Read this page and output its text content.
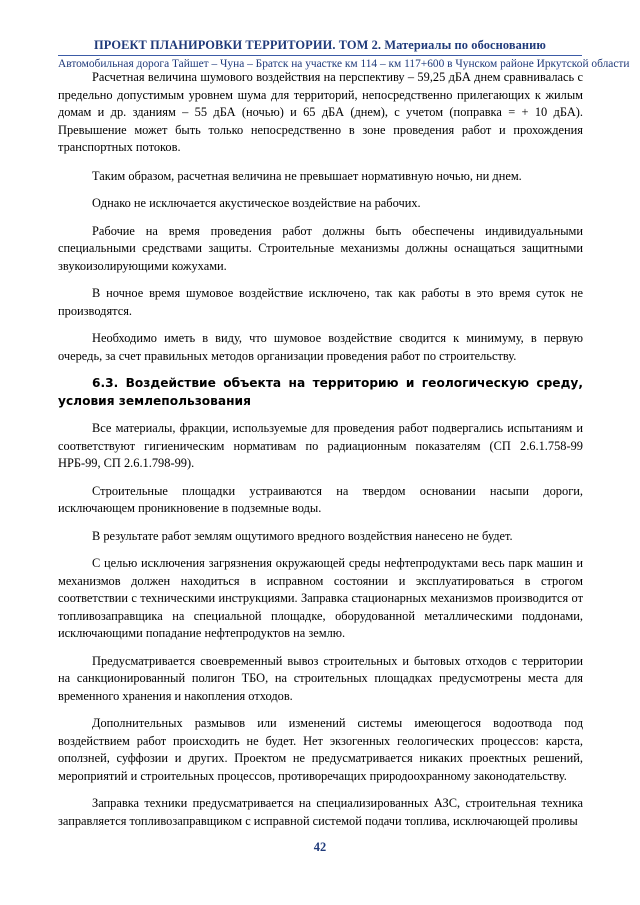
ПРОЕКТ ПЛАНИРОВКИ ТЕРРИТОРИИ. ТОМ 2. Материалы по обоснованию
Автомобильная дорога Тайшет – Чуна – Братск на участке км 114 – км 117+600 в Чунском районе Иркутской области

Расчетная величина шумового воздействия на перспективу – 59,25 дБА днем сравнивалась с предельно допустимым уровнем шума для территорий, непосредственно прилегающих к жилым домам и др. зданиям – 55 дБА (ночью) и 65 дБА (днем), с учетом (поправка = + 10 дБА). Превышение может быть только непосредственно в зоне проведения работ и прохождения транспортных потоков.

Таким образом, расчетная величина не превышает нормативную ночью, ни днем.

Однако не исключается акустическое воздействие на рабочих.

Рабочие на время проведения работ должны быть обеспечены индивидуальными специальными средствами защиты. Строительные механизмы должны оснащаться защитными звукоизолирующими кожухами.

В ночное время шумовое воздействие исключено, так как работы в это время суток не производятся.

Необходимо иметь в виду, что шумовое воздействие сводится к минимуму, в первую очередь, за счет правильных методов организации проведения работ по строительству.

6.3. Воздействие объекта на территорию и геологическую среду, условия землепользования

Все материалы, фракции, используемые для проведения работ подвергались испытаниям и соответствуют гигиеническим нормативам по радиационным показателям (СП 2.6.1.758-99 НРБ-99, СП 2.6.1.798-99).

Строительные площадки устраиваются на твердом основании насыпи дороги, исключающем проникновение в подземные воды.

В результате работ землям ощутимого вредного воздействия нанесено не будет.

С целью исключения загрязнения окружающей среды нефтепродуктами весь парк машин и механизмов должен находиться в исправном состоянии и эксплуатироваться в строгом соответствии с техническими инструкциями. Заправка стационарных механизмов производится от топливозаправщика на специальной площадке, оборудованной металлическими поддонами, исключающими попадание нефтепродуктов на землю.

Предусматривается своевременный вывоз строительных и бытовых отходов с территории на санкционированный полигон ТБО, на строительных площадках предусмотрены места для временного хранения и накопления отходов.

Дополнительных размывов или изменений системы имеющегося водоотвода под воздействием работ происходить не будет. Нет экзогенных геологических процессов: карста, оползней, суффозии и других. Проектом не предусматривается никаких проектных решений, мероприятий и строительных процессов, противоречащих природоохранному законодательству.

Заправка техники предусматривается на специализированных АЗС, строительная техника заправляется топливозаправщиком с исправной системой подачи топлива, исключающей проливы

42
